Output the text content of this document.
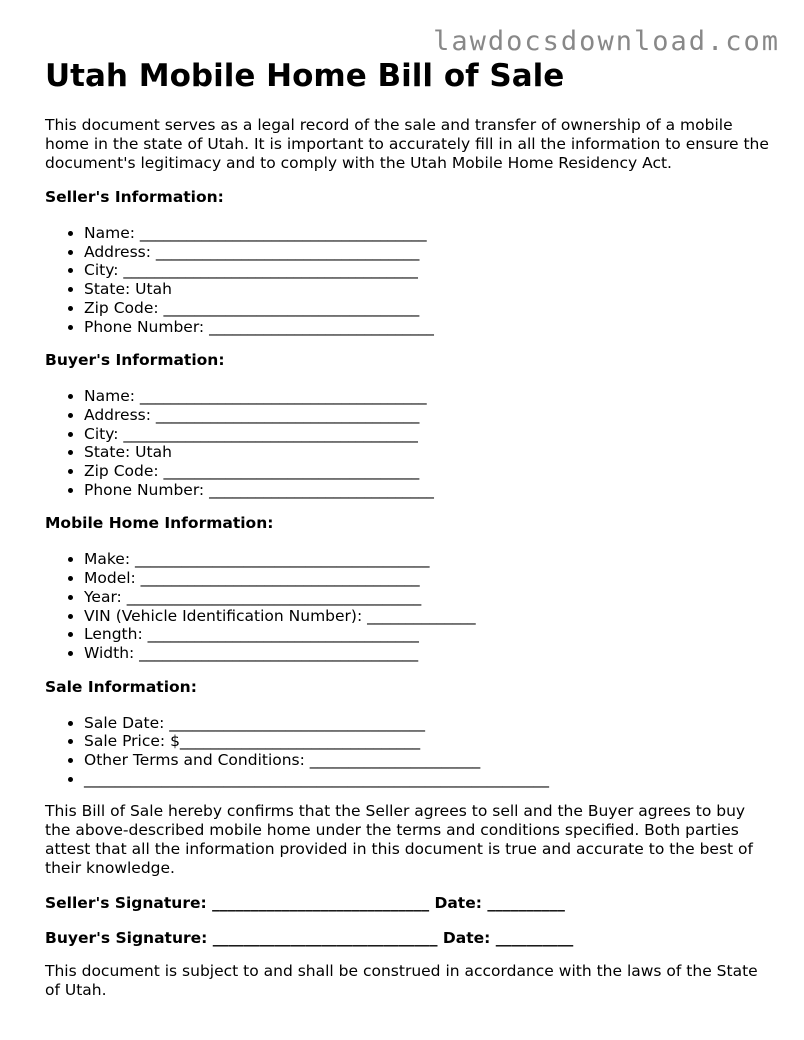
lawdocsdownload.com
Utah Mobile Home Bill of Sale

This document serves as a legal record of the sale and transfer of ownership of a mobile home in the state of Utah. It is important to accurately fill in all the information to ensure the document's legitimacy and to comply with the Utah Mobile Home Residency Act.

Seller's Information:
• Name: _____________________________________
• Address: __________________________________
• City: ______________________________________
• State: Utah
• Zip Code: _________________________________
• Phone Number: _____________________________
Buyer's Information:
• Name: _____________________________________
• Address: __________________________________
• City: ______________________________________
• State: Utah
• Zip Code: _________________________________
• Phone Number: _____________________________
Mobile Home Information:
• Make: ______________________________________
• Model: ____________________________________
• Year: ______________________________________
• VIN (Vehicle Identification Number): ______________
• Length: ___________________________________
• Width: ____________________________________
Sale Information:
• Sale Date: _________________________________
• Sale Price: $_______________________________
• Other Terms and Conditions: ______________________
• ____________________________________________________________

This Bill of Sale hereby confirms that the Seller agrees to sell and the Buyer agrees to buy the above-described mobile home under the terms and conditions specified. Both parties attest that all the information provided in this document is true and accurate to the best of their knowledge.

Seller's Signature: ____________________________ Date: __________
Buyer's Signature: _____________________________ Date: __________

This document is subject to and shall be construed in accordance with the laws of the State of Utah.
